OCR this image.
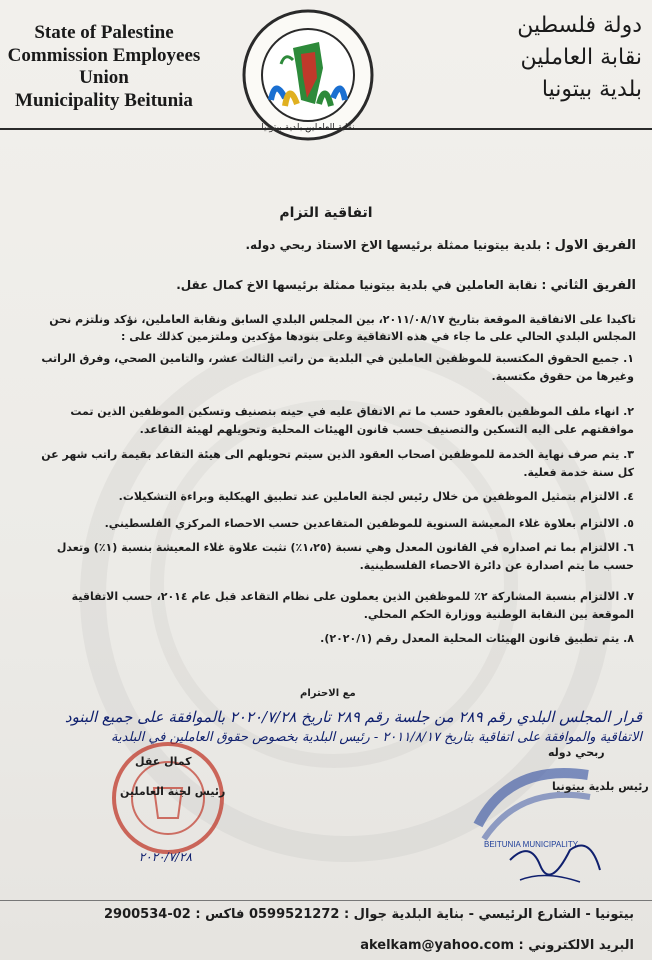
State of Palestine
Commission Employees
Union
Municipality Beitunia
دولة فلسطين
نقابة العاملين
بلدية بيتونيا
اتفاقية التزام
الفريق الاول : بلدية بيتونيا ممثلة برئيسها الاخ الاستاذ ربحي دوله.
الفريق الثاني : نقابة العاملين في بلدية بيتونيا ممثلة برئيسها الاخ كمال عقل.
تاكيدا على الاتفاقية الموقعة بتاريخ ٢٠١١/٠٨/١٧، بين المجلس البلدي السابق ونقابة العاملين، نؤكد ونلتزم نحن المجلس البلدي الحالي على ما جاء في هذه الاتفاقية وعلى بنودها مؤكدين وملتزمين كذلك على :
١. جميع الحقوق المكتسبة للموظفين العاملين في البلدية من راتب الثالث عشر، والتامين الصحي، وفرق الراتب وغيرها من حقوق مكتسبة.
٢. انهاء ملف الموظفين بالعقود حسب ما تم الاتفاق عليه في حينه بتصنيف وتسكين الموظفين الذين تمت موافقتهم على اليه التسكين والتصنيف حسب قانون الهيئات المحلية وتحويلهم لهيئة التقاعد.
٣. يتم صرف نهاية الخدمة للموظفين اصحاب العقود الذين سيتم تحويلهم الى هيئة التقاعد بقيمة راتب شهر عن كل سنة خدمة فعلية.
٤. الالتزام بتمثيل الموظفين من خلال رئيس لجنة العاملين عند تطبيق الهيكلية وبراءة التشكيلات.
٥. الالتزام بعلاوة غلاء المعيشة السنوية للموظفين المتقاعدين حسب الاحصاء المركزي الفلسطيني.
٦. الالتزام بما تم اصداره في القانون المعدل وهي نسبة (١،٢٥٪) تثبت علاوة غلاء المعيشة بنسبة (١٪) وتعدل حسب ما يتم اصدارة عن دائرة الاحصاء الفلسطينية.
٧. الالتزام بنسبة المشاركة ٢٪ للموظفين الذين يعملون على نظام التقاعد قبل عام ٢٠١٤، حسب الاتفاقية الموقعة بين النقابة الوطنية ووزارة الحكم المحلي.
٨. يتم تطبيق قانون الهيئات المحلية المعدل رقم (٢٠٢٠/١).
مع الاحترام
قرار المجلس البلدي رقم ٢٨٩ من جلسة رقم ٢٨٩ تاريخ ٢٠٢٠/٧/٢٨ بالموافقة على جميع البنود
الاتفاقية والموافقة على اتفاقية بتاريخ ٢٠١١/٨/١٧ - رئيس البلدية بخصوص حقوق العاملين في البلدية
كمال عقل
رئيس لجنة العاملين
٢٠٢٠/٧/٢٨
BEITUNIA MUNICIPALITY
ربحي دوله
رئيس بلدية بيتونيا
بيتونيا - الشارع الرئيسي - بناية البلدية جوال : 0599521272 فاكس : 02-2900534
البريد الالكتروني : akelkam@yahoo.com
